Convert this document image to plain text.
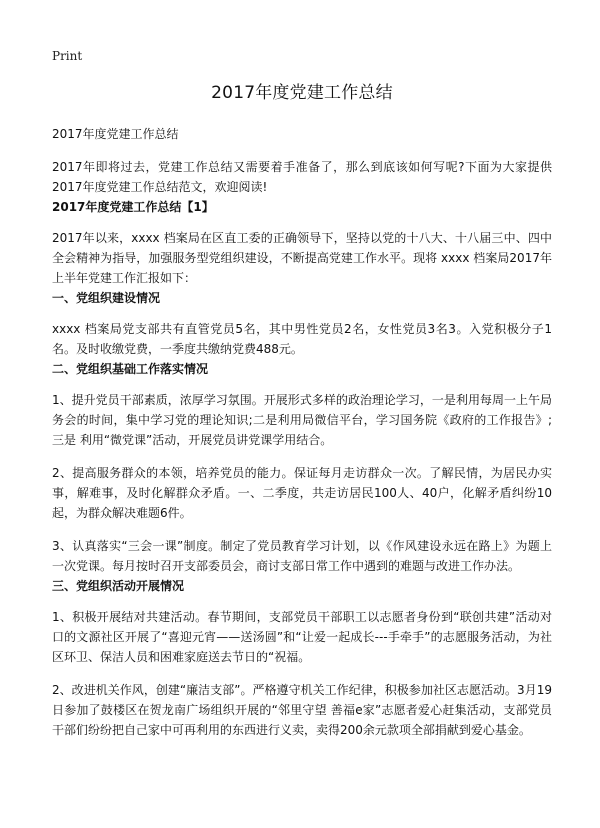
Print
2017年度党建工作总结

2017年度党建工作总结

2017年即将过去，党建工作总结又需要着手准备了，那么到底该如何写呢?下面为大家提供2017年度党建工作总结范文，欢迎阅读!

2017年度党建工作总结【1】

2017年以来，xxxx 档案局在区直工委的正确领导下，坚持以党的十八大、十八届三中、四中全会精神为指导，加强服务型党组织建设，不断提高党建工作水平。现将 xxxx 档案局2017年上半年党建工作汇报如下：

一、党组织建设情况

xxxx 档案局党支部共有直管党员5名，其中男性党员2名，女性党员3名3。入党积极分子1名。及时收缴党费，一季度共缴纳党费488元。

二、党组织基础工作落实情况

1、提升党员干部素质，浓厚学习氛围。开展形式多样的政治理论学习，一是利用每周一上午局务会的时间，集中学习党的理论知识;二是利用局微信平台，学习国务院《政府的工作报告》;三是 利用“微党课”活动，开展党员讲党课学用结合。

2、提高服务群众的本领，培养党员的能力。保证每月走访群众一次。了解民情，为居民办实事，解难事，及时化解群众矛盾。一、二季度，共走访居民100人、40户，化解矛盾纠纷10起，为群众解决难题6件。

3、认真落实“三会一课”制度。制定了党员教育学习计划，以《作风建设永远在路上》为题上一次党课。每月按时召开支部委员会，商讨支部日常工作中遇到的难题与改进工作办法。

三、党组织活动开展情况

1、积极开展结对共建活动。春节期间，支部党员干部职工以志愿者身份到“联创共建”活动对口的文源社区开展了“喜迎元宵——送汤圆”和“让爱一起成长---手牵手”的志愿服务活动，为社区环卫、保洁人员和困难家庭送去节日的“祝福。

2、改进机关作风，创建“廉洁支部”。严格遵守机关工作纪律，积极参加社区志愿活动。3月19日参加了鼓楼区在贺龙南广场组织开展的“邻里守望 善福e家”志愿者爱心赶集活动，支部党员干部们纷纷把自己家中可再利用的东西进行义卖，卖得200余元款项全部捐献到爱心基金。
